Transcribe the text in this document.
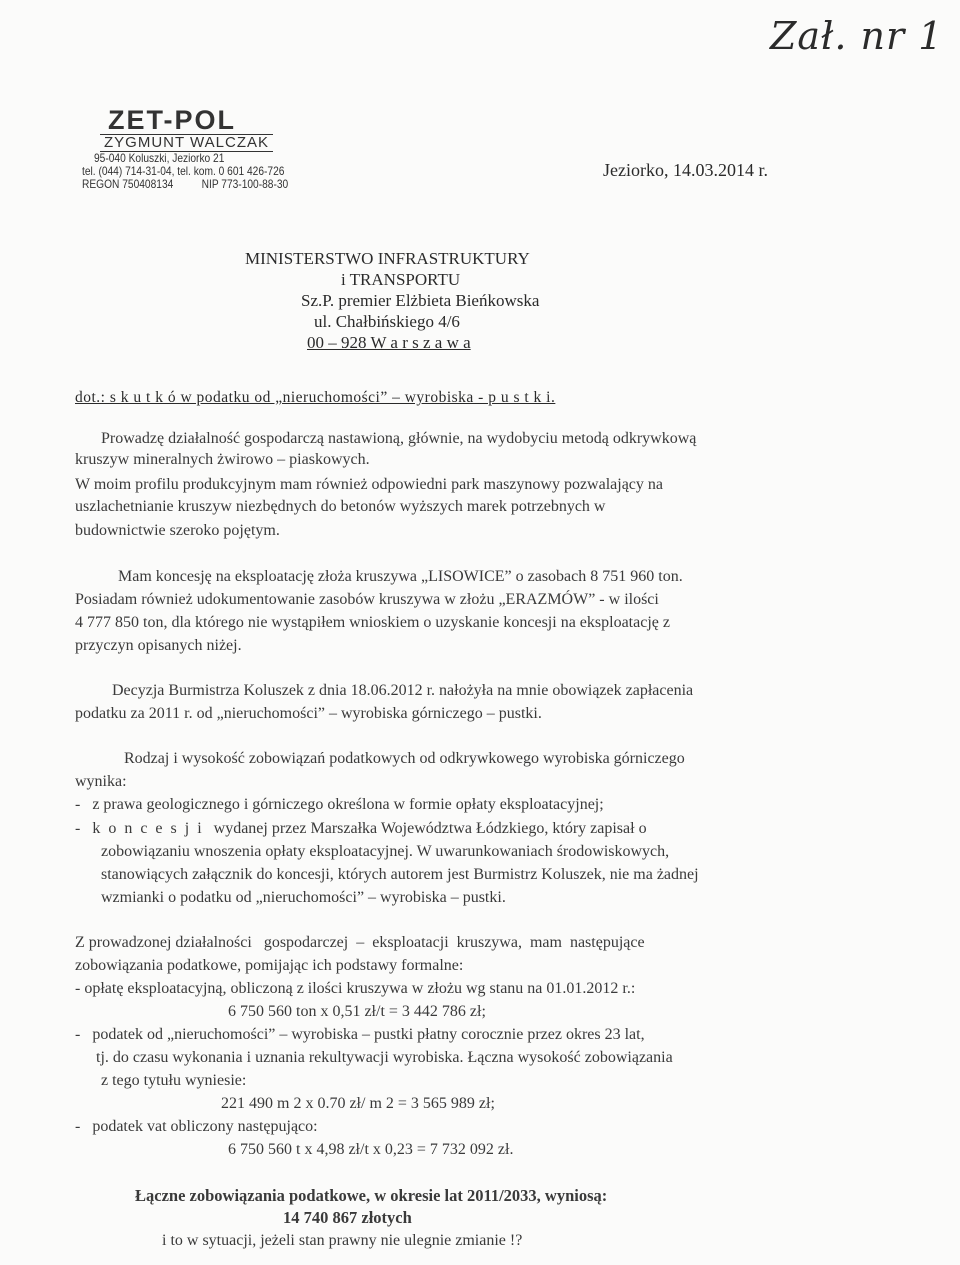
Zał. nr 1
ZET-POL
ZYGMUNT WALCZAK
95-040 Koluszki, Jeziorko 21
tel. (044) 714-31-04, tel. kom. 0 601 426-726
REGON 750408134          NIP 773-100-88-30
Jeziorko, 14.03.2014 r.
MINISTERSTWO INFRASTRUKTURY
i TRANSPORTU
Sz.P. premier Elżbieta Bieńkowska
ul. Chałbińskiego 4/6
00 – 928 W a r s z a w a
dot.: s k u t k ó w podatku od „nieruchomości” – wyrobiska - p u s t k i.
Prowadzę działalność gospodarczą nastawioną, głównie, na wydobyciu metodą odkrywkową
kruszyw mineralnych żwirowo – piaskowych.
W moim profilu produkcyjnym mam również odpowiedni park maszynowy pozwalający na
uszlachetnianie kruszyw niezbędnych do betonów wyższych marek potrzebnych w
budownictwie szeroko pojętym.
Mam koncesję na eksploatację złoża kruszywa „LISOWICE” o zasobach 8 751 960 ton.
Posiadam również udokumentowanie zasobów kruszywa w złożu „ERAZMÓW” - w ilości
4 777 850 ton, dla którego nie wystąpiłem wnioskiem o uzyskanie koncesji na eksploatację z
przyczyn opisanych niżej.
Decyzja Burmistrza Koluszek z dnia 18.06.2012 r. nałożyła na mnie obowiązek zapłacenia
podatku za 2011 r. od „nieruchomości” – wyrobiska górniczego – pustki.
Rodzaj i wysokość zobowiązań podatkowych od odkrywkowego wyrobiska górniczego
wynika:
-   z prawa geologicznego i górniczego określona w formie opłaty eksploatacyjnej;
-   k  o  n  c  e  s  j  i   wydanej przez Marszałka Województwa Łódzkiego, który zapisał o
zobowiązaniu wnoszenia opłaty eksploatacyjnej. W uwarunkowaniach środowiskowych,
stanowiących załącznik do koncesji, których autorem jest Burmistrz Koluszek, nie ma żadnej
wzmianki o podatku od „nieruchomości” – wyrobiska – pustki.
Z prowadzonej działalności   gospodarczej  –  eksploatacji  kruszywa,  mam  następujące
zobowiązania podatkowe, pomijając ich podstawy formalne:
- opłatę eksploatacyjną, obliczoną z ilości kruszywa w złożu wg stanu na 01.01.2012 r.:
6 750 560 ton x 0,51 zł/t = 3 442 786 zł;
-   podatek od „nieruchomości” – wyrobiska – pustki płatny corocznie przez okres 23 lat,
tj. do czasu wykonania i uznania rekultywacji wyrobiska. Łączna wysokość zobowiązania
z tego tytułu wyniesie:
221 490 m 2 x 0.70 zł/ m 2 = 3 565 989 zł;
-   podatek vat obliczony następująco:
6 750 560 t x 4,98 zł/t x 0,23 = 7 732 092 zł.
Łączne zobowiązania podatkowe, w okresie lat 2011/2033, wyniosą:
14 740 867 złotych
i to w sytuacji, jeżeli stan prawny nie ulegnie zmianie !?
